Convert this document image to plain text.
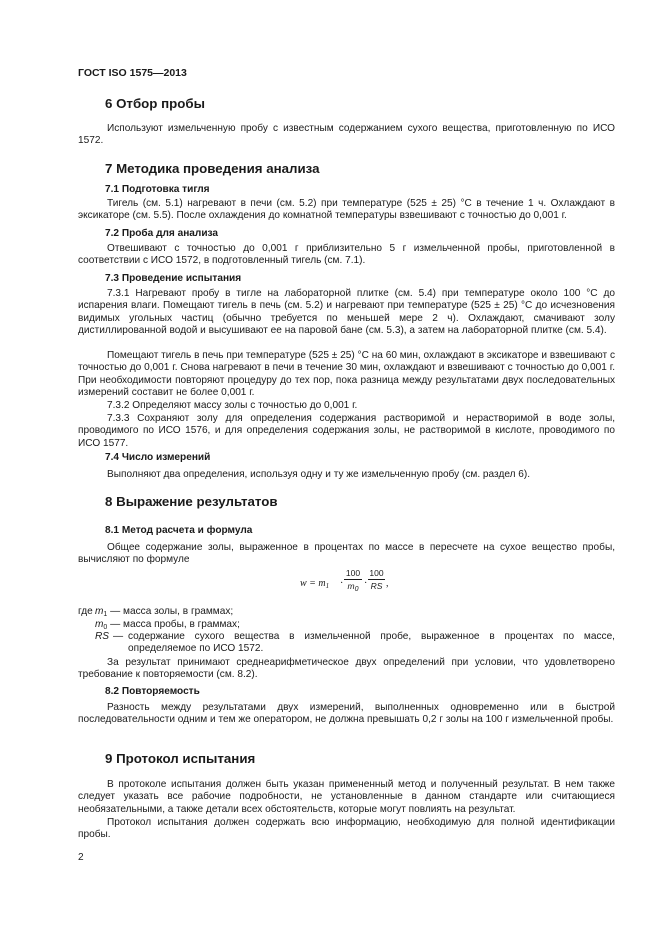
ГОСТ ISO 1575—2013
6 Отбор пробы

Используют измельченную пробу с известным содержанием сухого вещества, приготовленную по ИСО 1572.

7 Методика проведения анализа
7.1 Подготовка тигля

Тигель (см. 5.1) нагревают в печи (см. 5.2) при температуре (525 ± 25) °С в течение 1 ч. Охлаждают в эксикаторе (см. 5.5). После охлаждения до комнатной температуры взвешивают с точностью до 0,001 г.

7.2 Проба для анализа

Отвешивают с точностью до 0,001 г приблизительно 5 г измельченной пробы, приготовленной в соответствии с ИСО 1572, в подготовленный тигель (см. 7.1).

7.3 Проведение испытания

7.3.1 Нагревают пробу в тигле на лабораторной плитке (см. 5.4) при температуре около 100 °С до испарения влаги. Помещают тигель в печь (см. 5.2) и нагревают при температуре (525 ± 25) °С до исчезновения видимых угольных частиц (обычно требуется по меньшей мере 2 ч). Охлаждают, смачивают золу дистиллированной водой и высушивают ее на паровой бане (см. 5.3), а затем на лабораторной плитке (см. 5.4).

Помещают тигель в печь при температуре (525 ± 25) °С на 60 мин, охлаждают в эксикаторе и взвешивают с точностью до 0,001 г. Снова нагревают в печи в течение 30 мин, охлаждают и взвешивают с точностью до 0,001 г. При необходимости повторяют процедуру до тех пор, пока разница между результатами двух последовательных измерений составит не более 0,001 г.

7.3.2 Определяют массу золы с точностью до 0,001 г.

7.3.3 Сохраняют золу для определения содержания растворимой и нерастворимой в воде золы, проводимого по ИСО 1576, и для определения содержания золы, не растворимой в кислоте, проводимого по ИСО 1577.

7.4 Число измерений

Выполняют два определения, используя одну и ту же измельченную пробу (см. раздел 6).

8 Выражение результатов
8.1 Метод расчета и формула

Общее содержание золы, выраженное в процентах по массе в пересчете на сухое вещество пробы, вычисляют по формуле

$w = m_1$ ·
100
$m_0$
·
100
RS ,
где $m_1$ — масса золы, в граммах;
$m_0$ — масса пробы, в граммах;
RS — содержание сухого вещества в измельченной пробе, выраженное в процентах по массе, определяемое по ИСО 1572.

За результат принимают среднеарифметическое двух определений при условии, что удовлетворено требование к повторяемости (см. 8.2).

8.2 Повторяемость

Разность между результатами двух измерений, выполненных одновременно или в быстрой последовательности одним и тем же оператором, не должна превышать 0,2 г золы на 100 г измельченной пробы.

9 Протокол испытания

В протоколе испытания должен быть указан примененный метод и полученный результат. В нем также следует указать все рабочие подробности, не установленные в данном стандарте или считающиеся необязательными, а также детали всех обстоятельств, которые могут повлиять на результат.

Протокол испытания должен содержать всю информацию, необходимую для полной идентификации пробы.

2
